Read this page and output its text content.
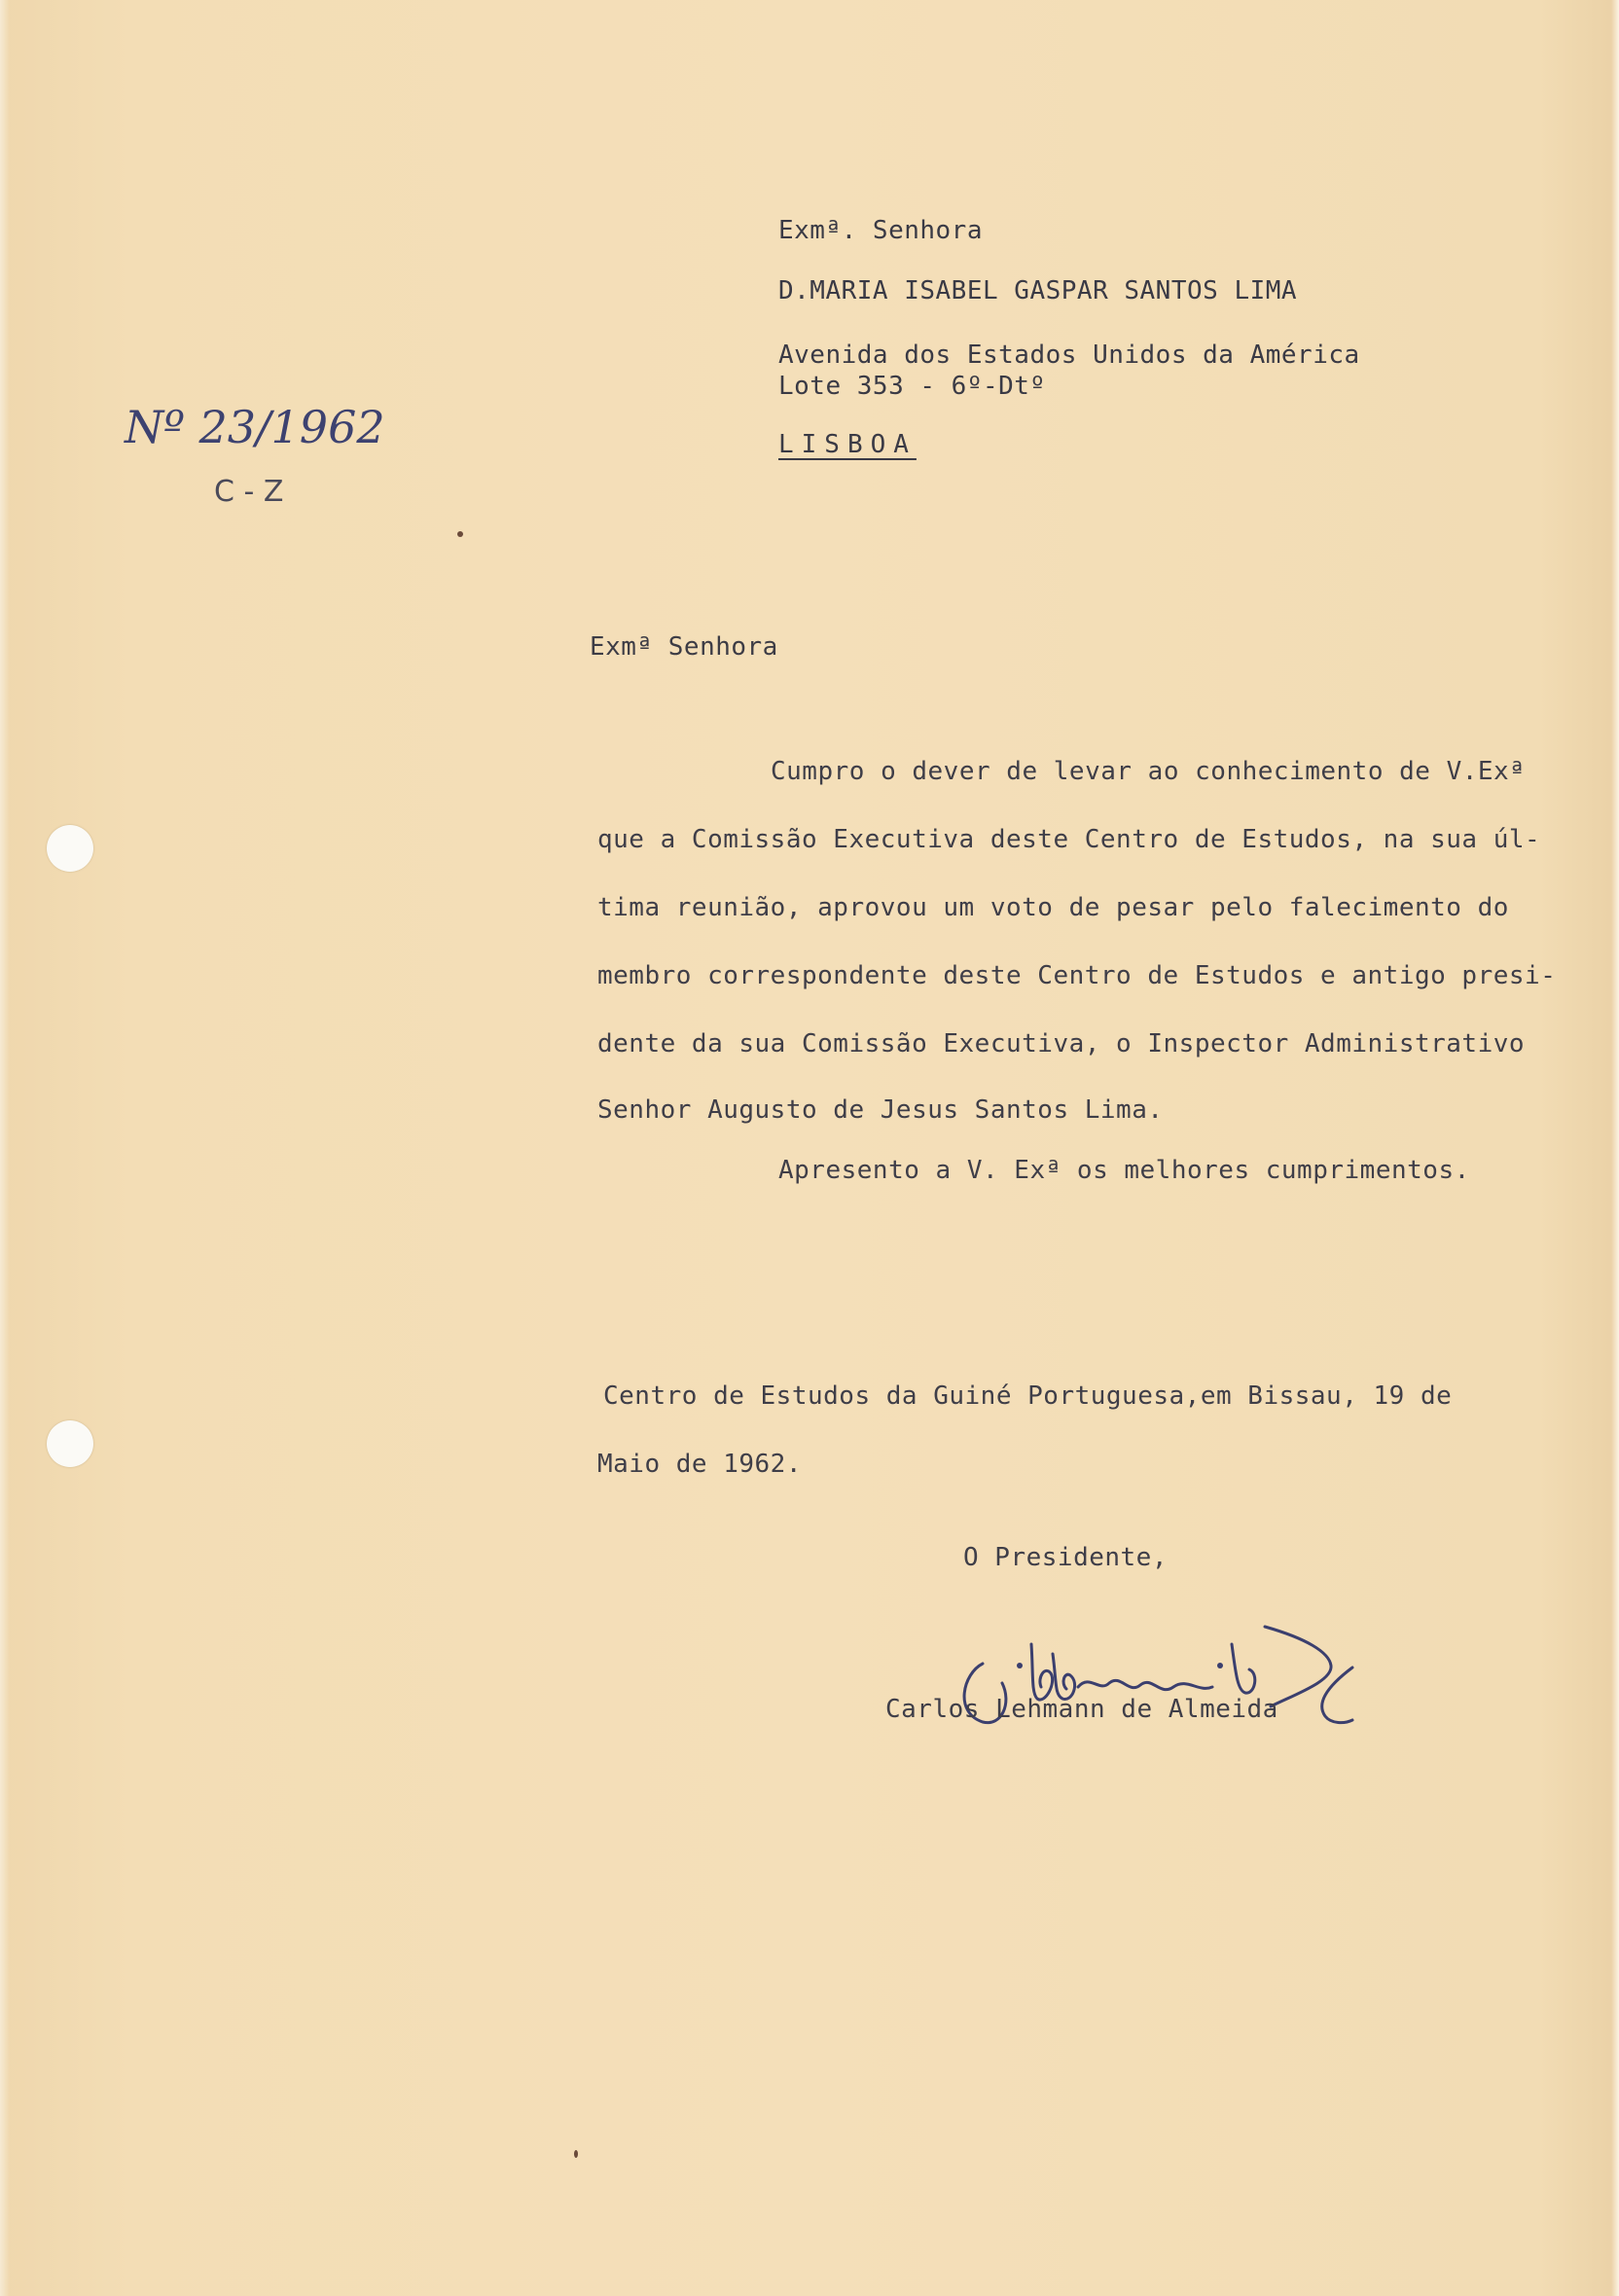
Exmª. Senhora
D.MARIA ISABEL GASPAR SANTOS LIMA
Avenida dos Estados Unidos da América
Lote 353 - 6º-Dtº
LISBOA
Nº 23/1962
C - Z
Exmª Senhora
Cumpro o dever de levar ao conhecimento de V.Exª
que a Comissão Executiva deste Centro de Estudos, na sua úl-
tima reunião, aprovou um voto de pesar pelo falecimento do
membro correspondente deste Centro de Estudos e antigo presi-
dente da sua Comissão Executiva, o Inspector Administrativo
Senhor Augusto de Jesus Santos Lima.
Apresento a V. Exª os melhores cumprimentos.
Centro de Estudos da Guiné Portuguesa,em Bissau, 19 de
Maio de 1962.
O Presidente,
Carlos Lehmann de Almeida
